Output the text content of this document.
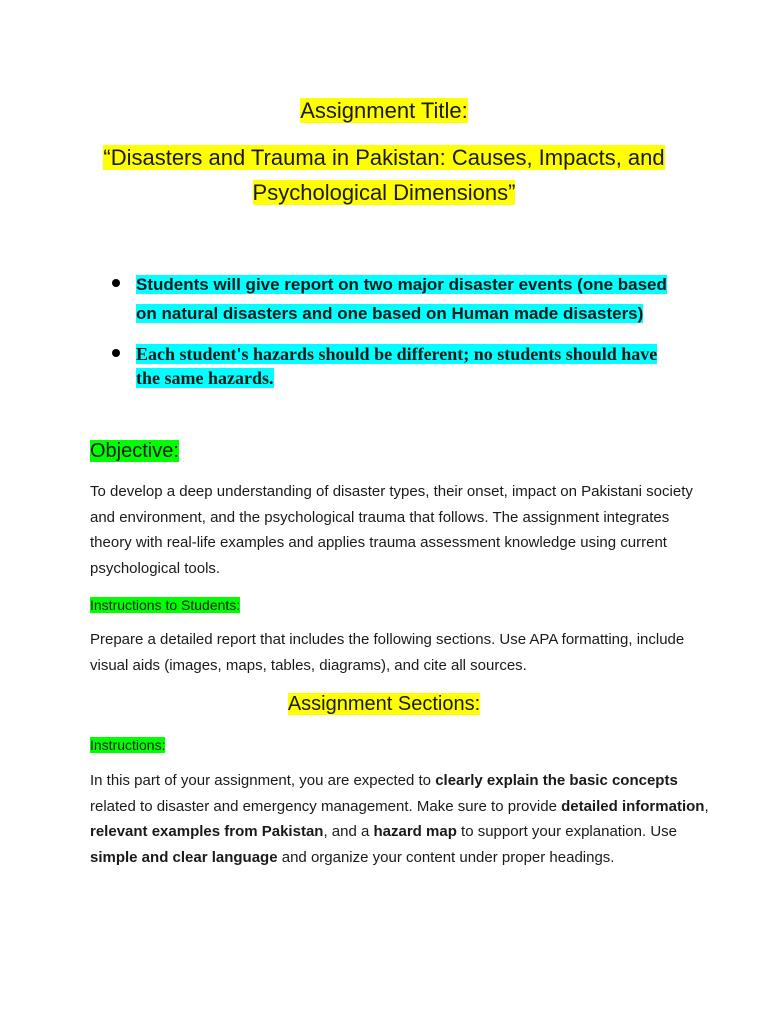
Assignment Title:
“Disasters and Trauma in Pakistan: Causes, Impacts, and
Psychological Dimensions”
Students will give report on two major disaster events (one based on natural disasters and one based on Human made disasters)
Each student's hazards should be different; no students should have the same hazards.
Objective:
To develop a deep understanding of disaster types, their onset, impact on Pakistani society and environment, and the psychological trauma that follows. The assignment integrates theory with real-life examples and applies trauma assessment knowledge using current psychological tools.
Instructions to Students:
Prepare a detailed report that includes the following sections. Use APA formatting, include visual aids (images, maps, tables, diagrams), and cite all sources.
Assignment Sections:
Instructions:
In this part of your assignment, you are expected to clearly explain the basic concepts related to disaster and emergency management. Make sure to provide detailed information, relevant examples from Pakistan, and a hazard map to support your explanation. Use simple and clear language and organize your content under proper headings.
